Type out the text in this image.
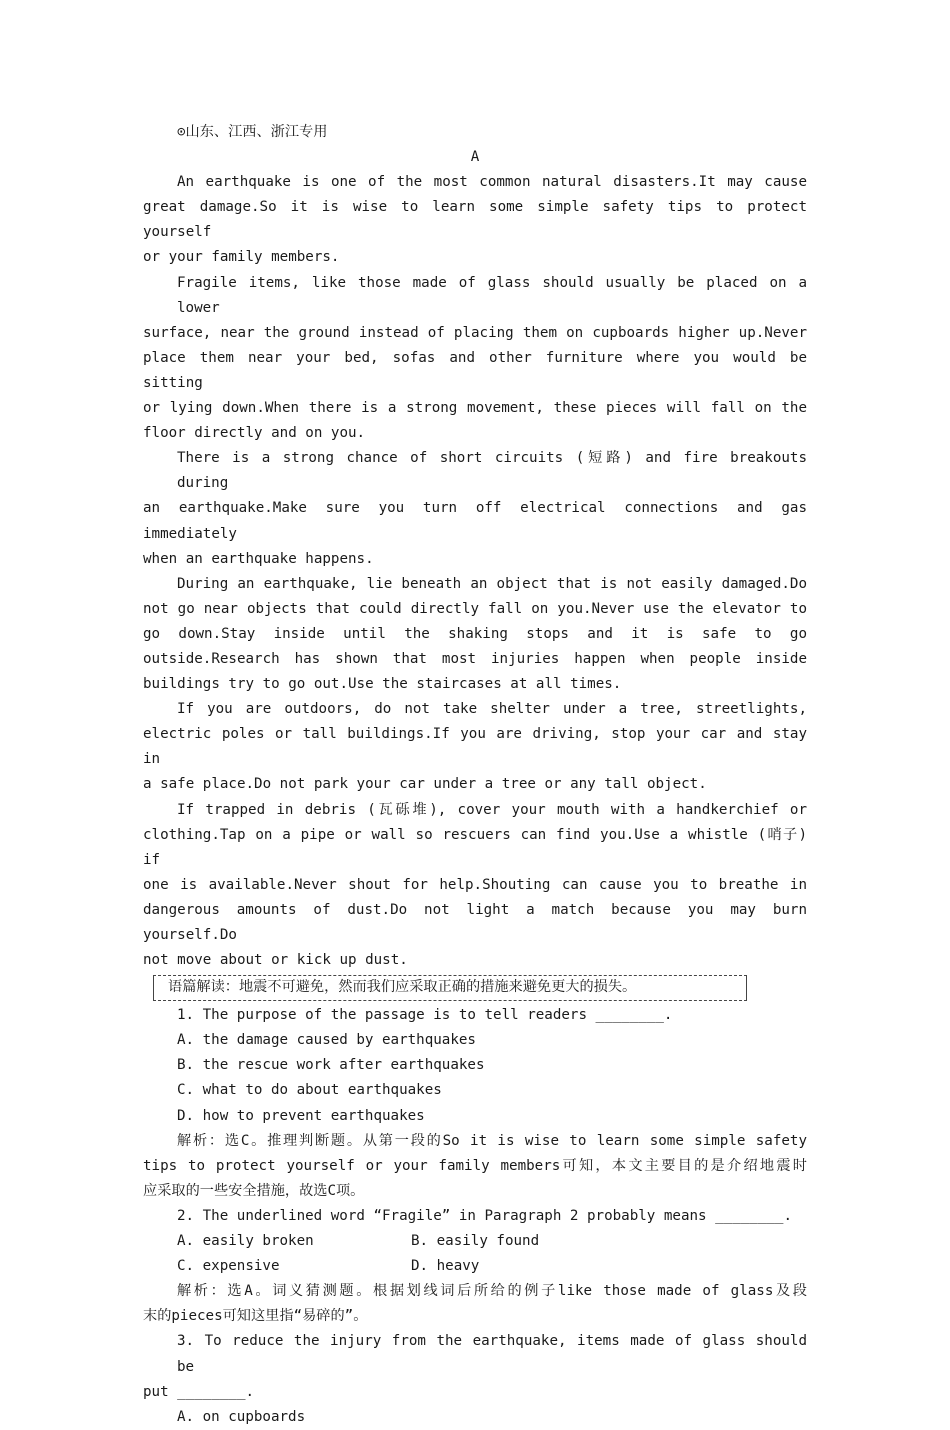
⊙山东、江西、浙江专用
A
An earthquake is one of the most common natural disasters.It may cause
great damage.So it is wise to learn some simple safety tips to protect yourself
or your family members.
Fragile items, like those made of glass should usually be placed on a lower
surface, near the ground instead of placing them on cupboards higher up.Never
place them near your bed, sofas and other furniture where you would be sitting
or lying down.When there is a strong movement, these pieces will fall on the
floor directly and on you.
There is a strong chance of short circuits (短路) and fire breakouts during
an earthquake.Make sure you turn off electrical connections and gas immediately
when an earthquake happens.
During an earthquake, lie beneath an object that is not easily damaged.Do
not go near objects that could directly fall on you.Never use the elevator to
go down.Stay inside until the shaking stops and it is safe to go
outside.Research has shown that most injuries happen when people inside
buildings try to go out.Use the staircases at all times.
If you are outdoors, do not take shelter under a tree, streetlights,
electric poles or tall buildings.If you are driving, stop your car and stay in
a safe place.Do not park your car under a tree or any tall object.
If trapped in debris (瓦砾堆), cover your mouth with a handkerchief or
clothing.Tap on a pipe or wall so rescuers can find you.Use a whistle (哨子) if
one is available.Never shout for help.Shouting can cause you to breathe in
dangerous amounts of dust.Do not light a match because you may burn yourself.Do
not move about or kick up dust.
语篇解读：地震不可避免，然而我们应采取正确的措施来避免更大的损失。
1. The purpose of the passage is to tell readers ________.
A. the damage caused by earthquakes
B. the rescue work after earthquakes
C. what to do about earthquakes
D. how to prevent earthquakes
解析：选C。推理判断题。从第一段的So it is wise to learn some simple safety
tips to protect yourself or your family members可知，本文主要目的是介绍地震时
应采取的一些安全措施，故选C项。
2. The underlined word “Fragile” in Paragraph 2 probably means ________.
A. easily broken	B. easily found
C. expensive	D. heavy
解析：选A。词义猜测题。根据划线词后所给的例子like those made of glass及段
末的pieces可知这里指“易碎的”。
3. To reduce the injury from the earthquake, items made of glass should be
put ________.
A. on cupboards
